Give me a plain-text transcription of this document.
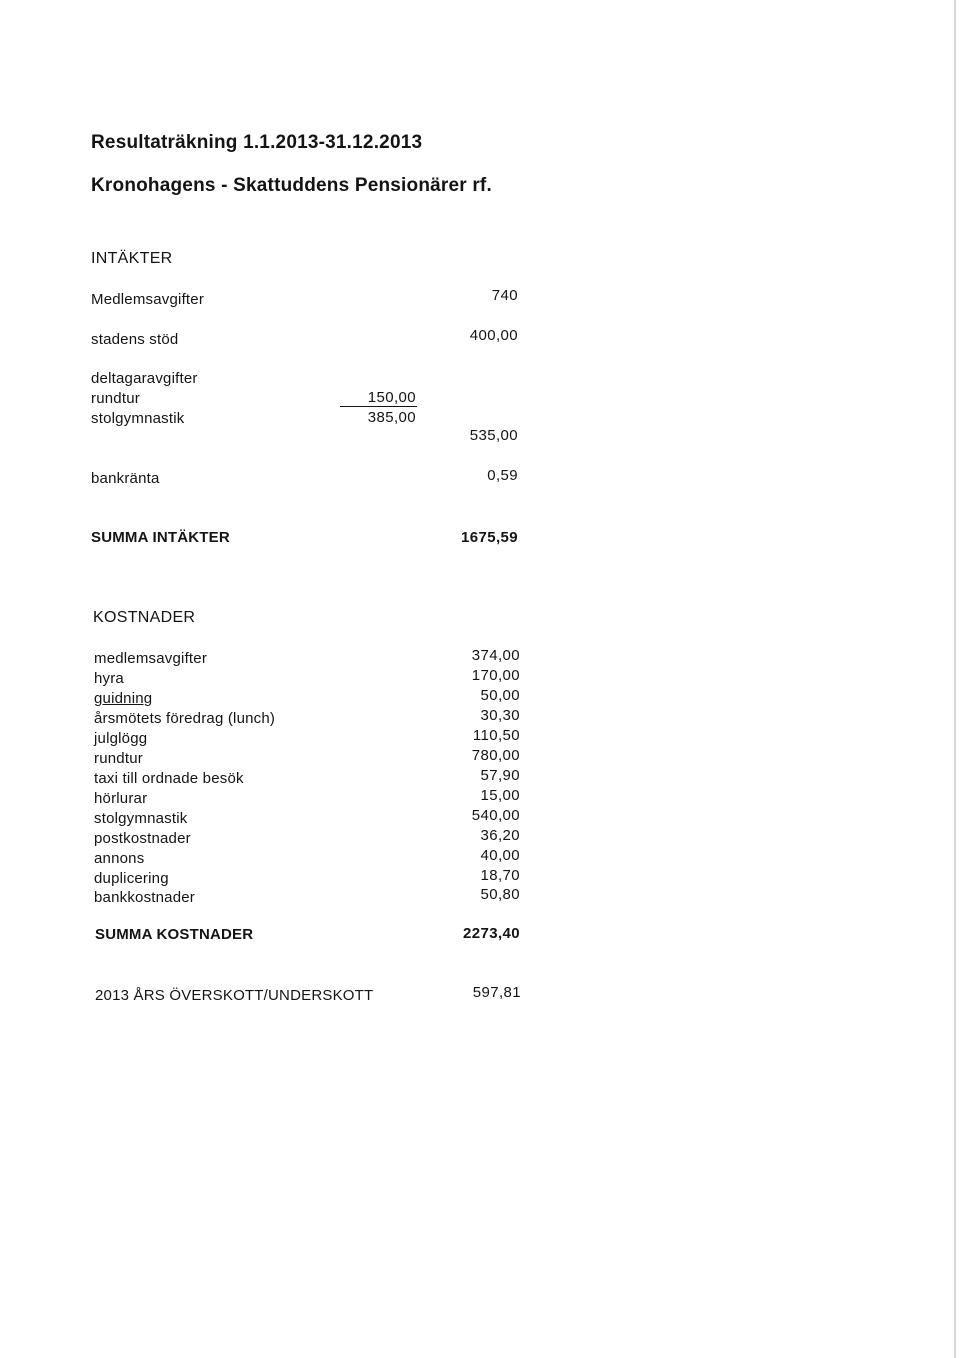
Resultaträkning 1.1.2013-31.12.2013
Kronohagens - Skattuddens Pensionärer rf.
INTÄKTER
Medlemsavgifter	740
stadens stöd	400,00
deltagaravgifter
rundtur	150,00
stolgymnastik	385,00
535,00
bankränta	0,59
SUMMA INTÄKTER	1675,59
KOSTNADER
medlemsavgifter	374,00
hyra	170,00
guidning	50,00
årsmötets föredrag (lunch)	30,30
julglögg	110,50
rundtur	780,00
taxi till ordnade besök	57,90
hörlurar	15,00
stolgymnastik	540,00
postkostnader	36,20
annons	40,00
duplicering	18,70
bankkostnader	50,80
SUMMA KOSTNADER	2273,40
2013 ÅRS ÖVERSKOTT/UNDERSKOTT	597,81
